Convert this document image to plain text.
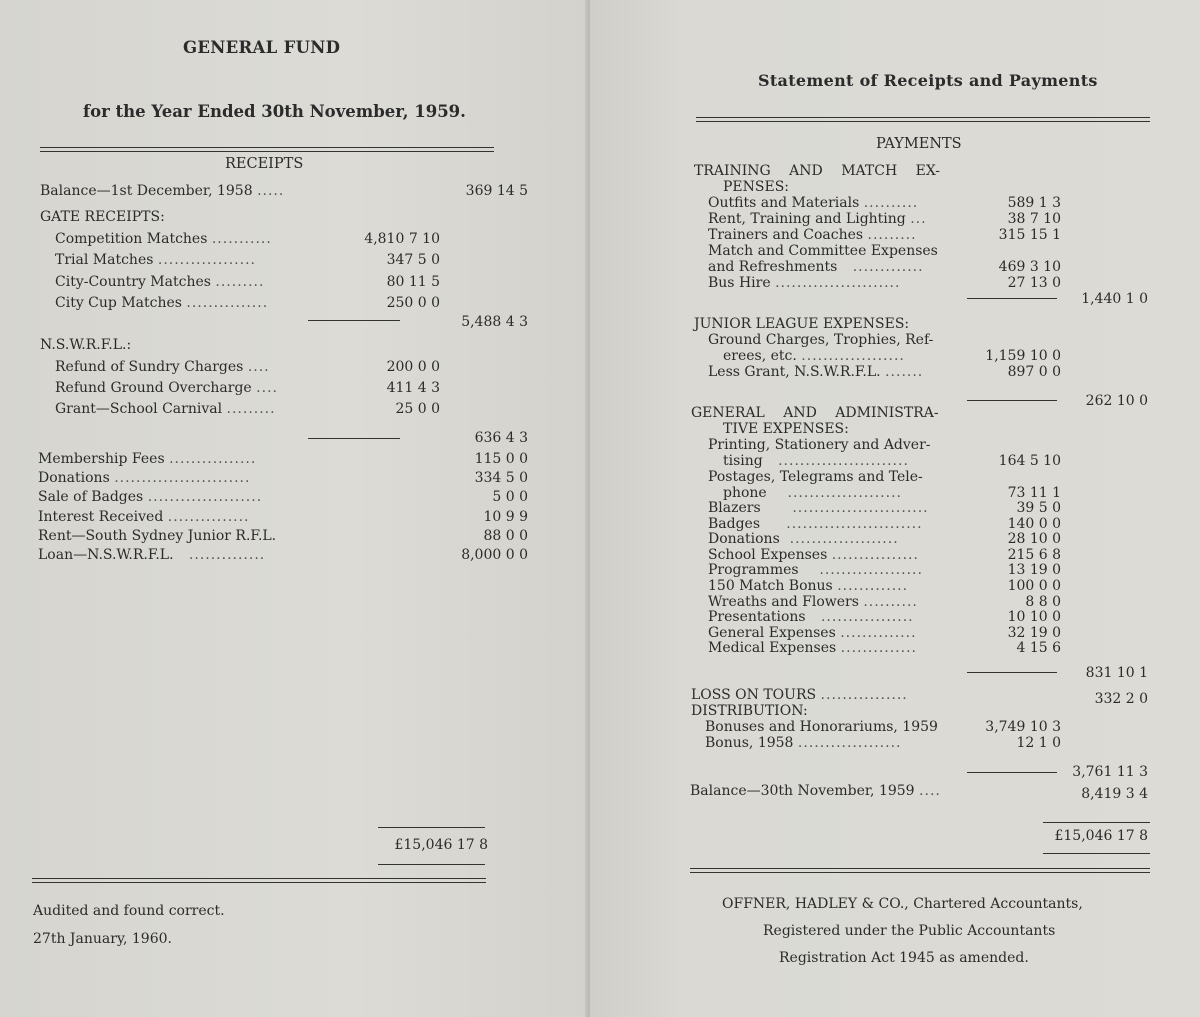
GENERAL FUND
for the Year Ended 30th November, 1959.
RECEIPTS
Balance—1st December, 1958 .....	369 14 5
GATE RECEIPTS:
Competition Matches ...........	4,810 7 10
Trial Matches ..................	347 5 0
City-Country Matches .........	80 11 5
City Cup Matches ...............	250 0 0
5,488 4 3
N.S.W.R.F.L.:
Refund of Sundry Charges ....	200 0 0
Refund Ground Overcharge ....	411 4 3
Grant—School Carnival .........	25 0 0
636 4 3
Membership Fees ................	115 0 0
Donations .........................	334 5 0
Sale of Badges .....................	5 0 0
Interest Received ...............	10 9 9
Rent—South Sydney Junior R.F.L.	88 0 0
Loan—N.S.W.R.F.L.   ..............	8,000 0 0
£15,046 17 8
Audited and found correct.
27th January, 1960.
Statement of Receipts and Payments
PAYMENTS
TRAINING AND MATCH EX-
PENSES:
Outfits and Materials ..........	589 1 3
Rent, Training and Lighting ...	38 7 10
Trainers and Coaches .........	315 15 1
Match and Committee Expenses
and Refreshments   .............	469 3 10
Bus Hire .......................	27 13 0
1,440 1 0
JUNIOR LEAGUE EXPENSES:
Ground Charges, Trophies, Ref-
erees, etc. ...................	1,159 10 0
Less Grant, N.S.W.R.F.L. .......	897 0 0
262 10 0
GENERAL AND ADMINISTRA-
TIVE EXPENSES:
Printing, Stationery and Adver-
tising   ........................	164 5 10
Postages, Telegrams and Tele-
phone    .....................	73 11 1
Blazers      .........................	39 5 0
Badges     .........................	140 0 0
Donations  ....................	28 10 0
School Expenses ................	215 6 8
Programmes    ...................	13 19 0
150 Match Bonus .............	100 0 0
Wreaths and Flowers ..........	8 8 0
Presentations   .................	10 10 0
General Expenses ..............	32 19 0
Medical Expenses ..............	4 15 6
831 10 1
LOSS ON TOURS ................	332 2 0
DISTRIBUTION:
Bonuses and Honorariums, 1959	3,749 10 3
Bonus, 1958 ...................	12 1 0
3,761 11 3
Balance—30th November, 1959 ....	8,419 3 4
£15,046 17 8
OFFNER, HADLEY & CO., Chartered Accountants,
Registered under the Public Accountants
Registration Act 1945 as amended.
